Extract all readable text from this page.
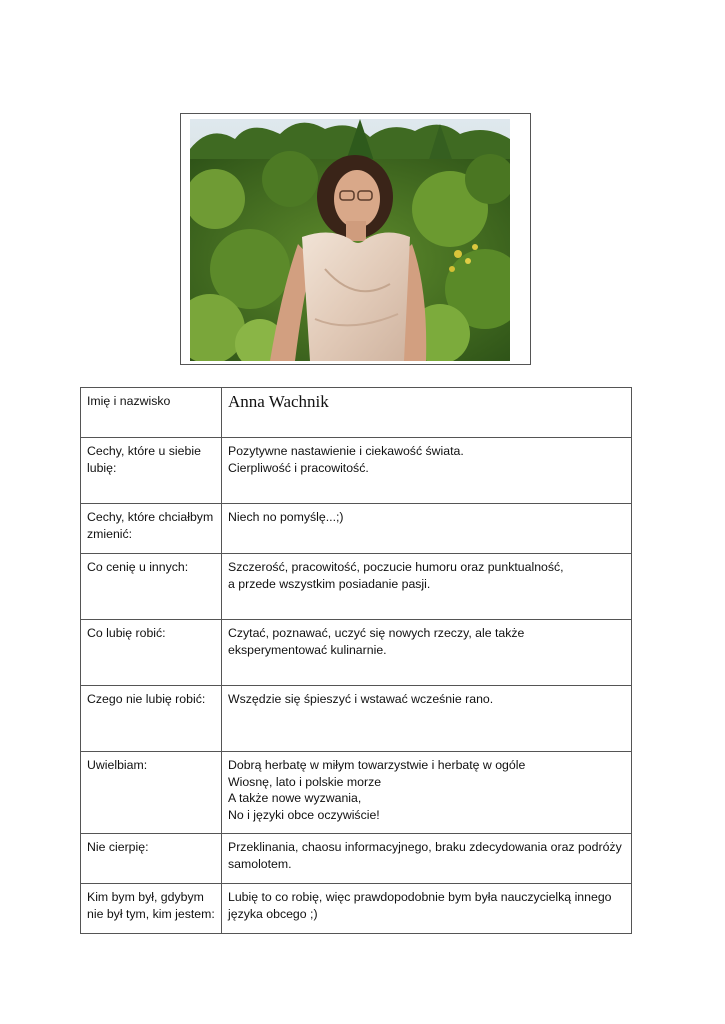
Imię i nazwisko	Anna Wachnik

Cechy, które u siebie lubię:	Pozytywne nastawienie i ciekawość świata.
Cierpliwość i pracowitość.

Cechy, które chciałbym zmienić:	Niech no pomyślę...;)

Co cenię u innych:	Szczerość, pracowitość, poczucie humoru oraz punktualność,
a przede wszystkim posiadanie pasji.

Co lubię robić:	Czytać, poznawać, uczyć się nowych rzeczy, ale także eksperymentować kulinarnie.

Czego nie lubię robić:	Wszędzie się śpieszyć i wstawać wcześnie rano.

Uwielbiam:	Dobrą herbatę w miłym towarzystwie i herbatę w ogóle
Wiosnę, lato i polskie morze
A także nowe wyzwania,
No i języki obce oczywiście!

Nie cierpię:	Przeklinania, chaosu informacyjnego, braku zdecydowania oraz podróży samolotem.

Kim bym był, gdybym nie był tym, kim jestem:	Lubię to co robię, więc prawdopodobnie bym była nauczycielką innego języka obcego ;)
